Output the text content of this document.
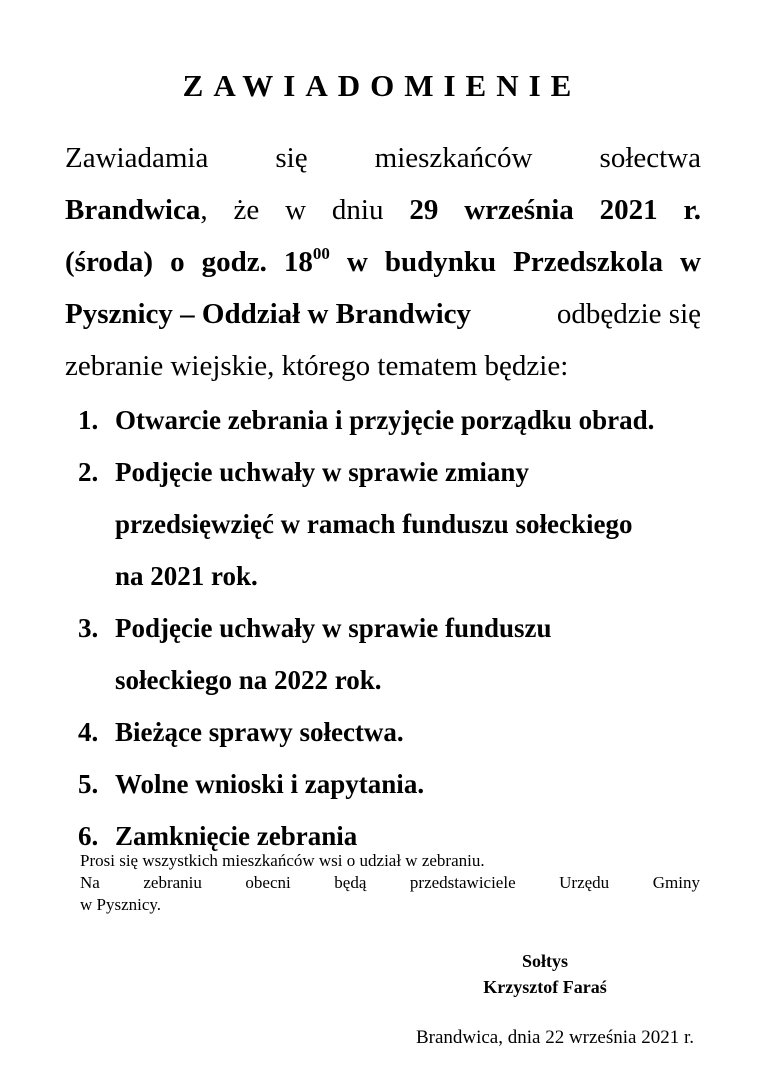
ZAWIADOMIENIE
Zawiadamia się mieszkańców sołectwa
Brandwica, że w dniu 29 września 2021 r.
(środa) o godz. $18^{00}$ w budynku Przedszkola w
Pysznicy – Oddział w Brandwicy	odbędzie się
zebranie wiejskie, którego tematem będzie:
1. Otwarcie zebrania i przyjęcie porządku obrad.
2. Podjęcie uchwały w sprawie zmiany
przedsięwzięć w ramach funduszu sołeckiego
na 2021 rok.
3. Podjęcie uchwały w sprawie funduszu
sołeckiego na 2022 rok.
4. Bieżące sprawy sołectwa.
5. Wolne wnioski i zapytania.
6. Zamknięcie zebrania
Prosi się wszystkich mieszkańców wsi o udział w zebraniu.
Na	zebraniu	obecni	będą	przedstawiciele	Urzędu	Gminy
w Pysznicy.
Sołtys
Krzysztof Faraś
Brandwica, dnia 22 września 2021 r.
